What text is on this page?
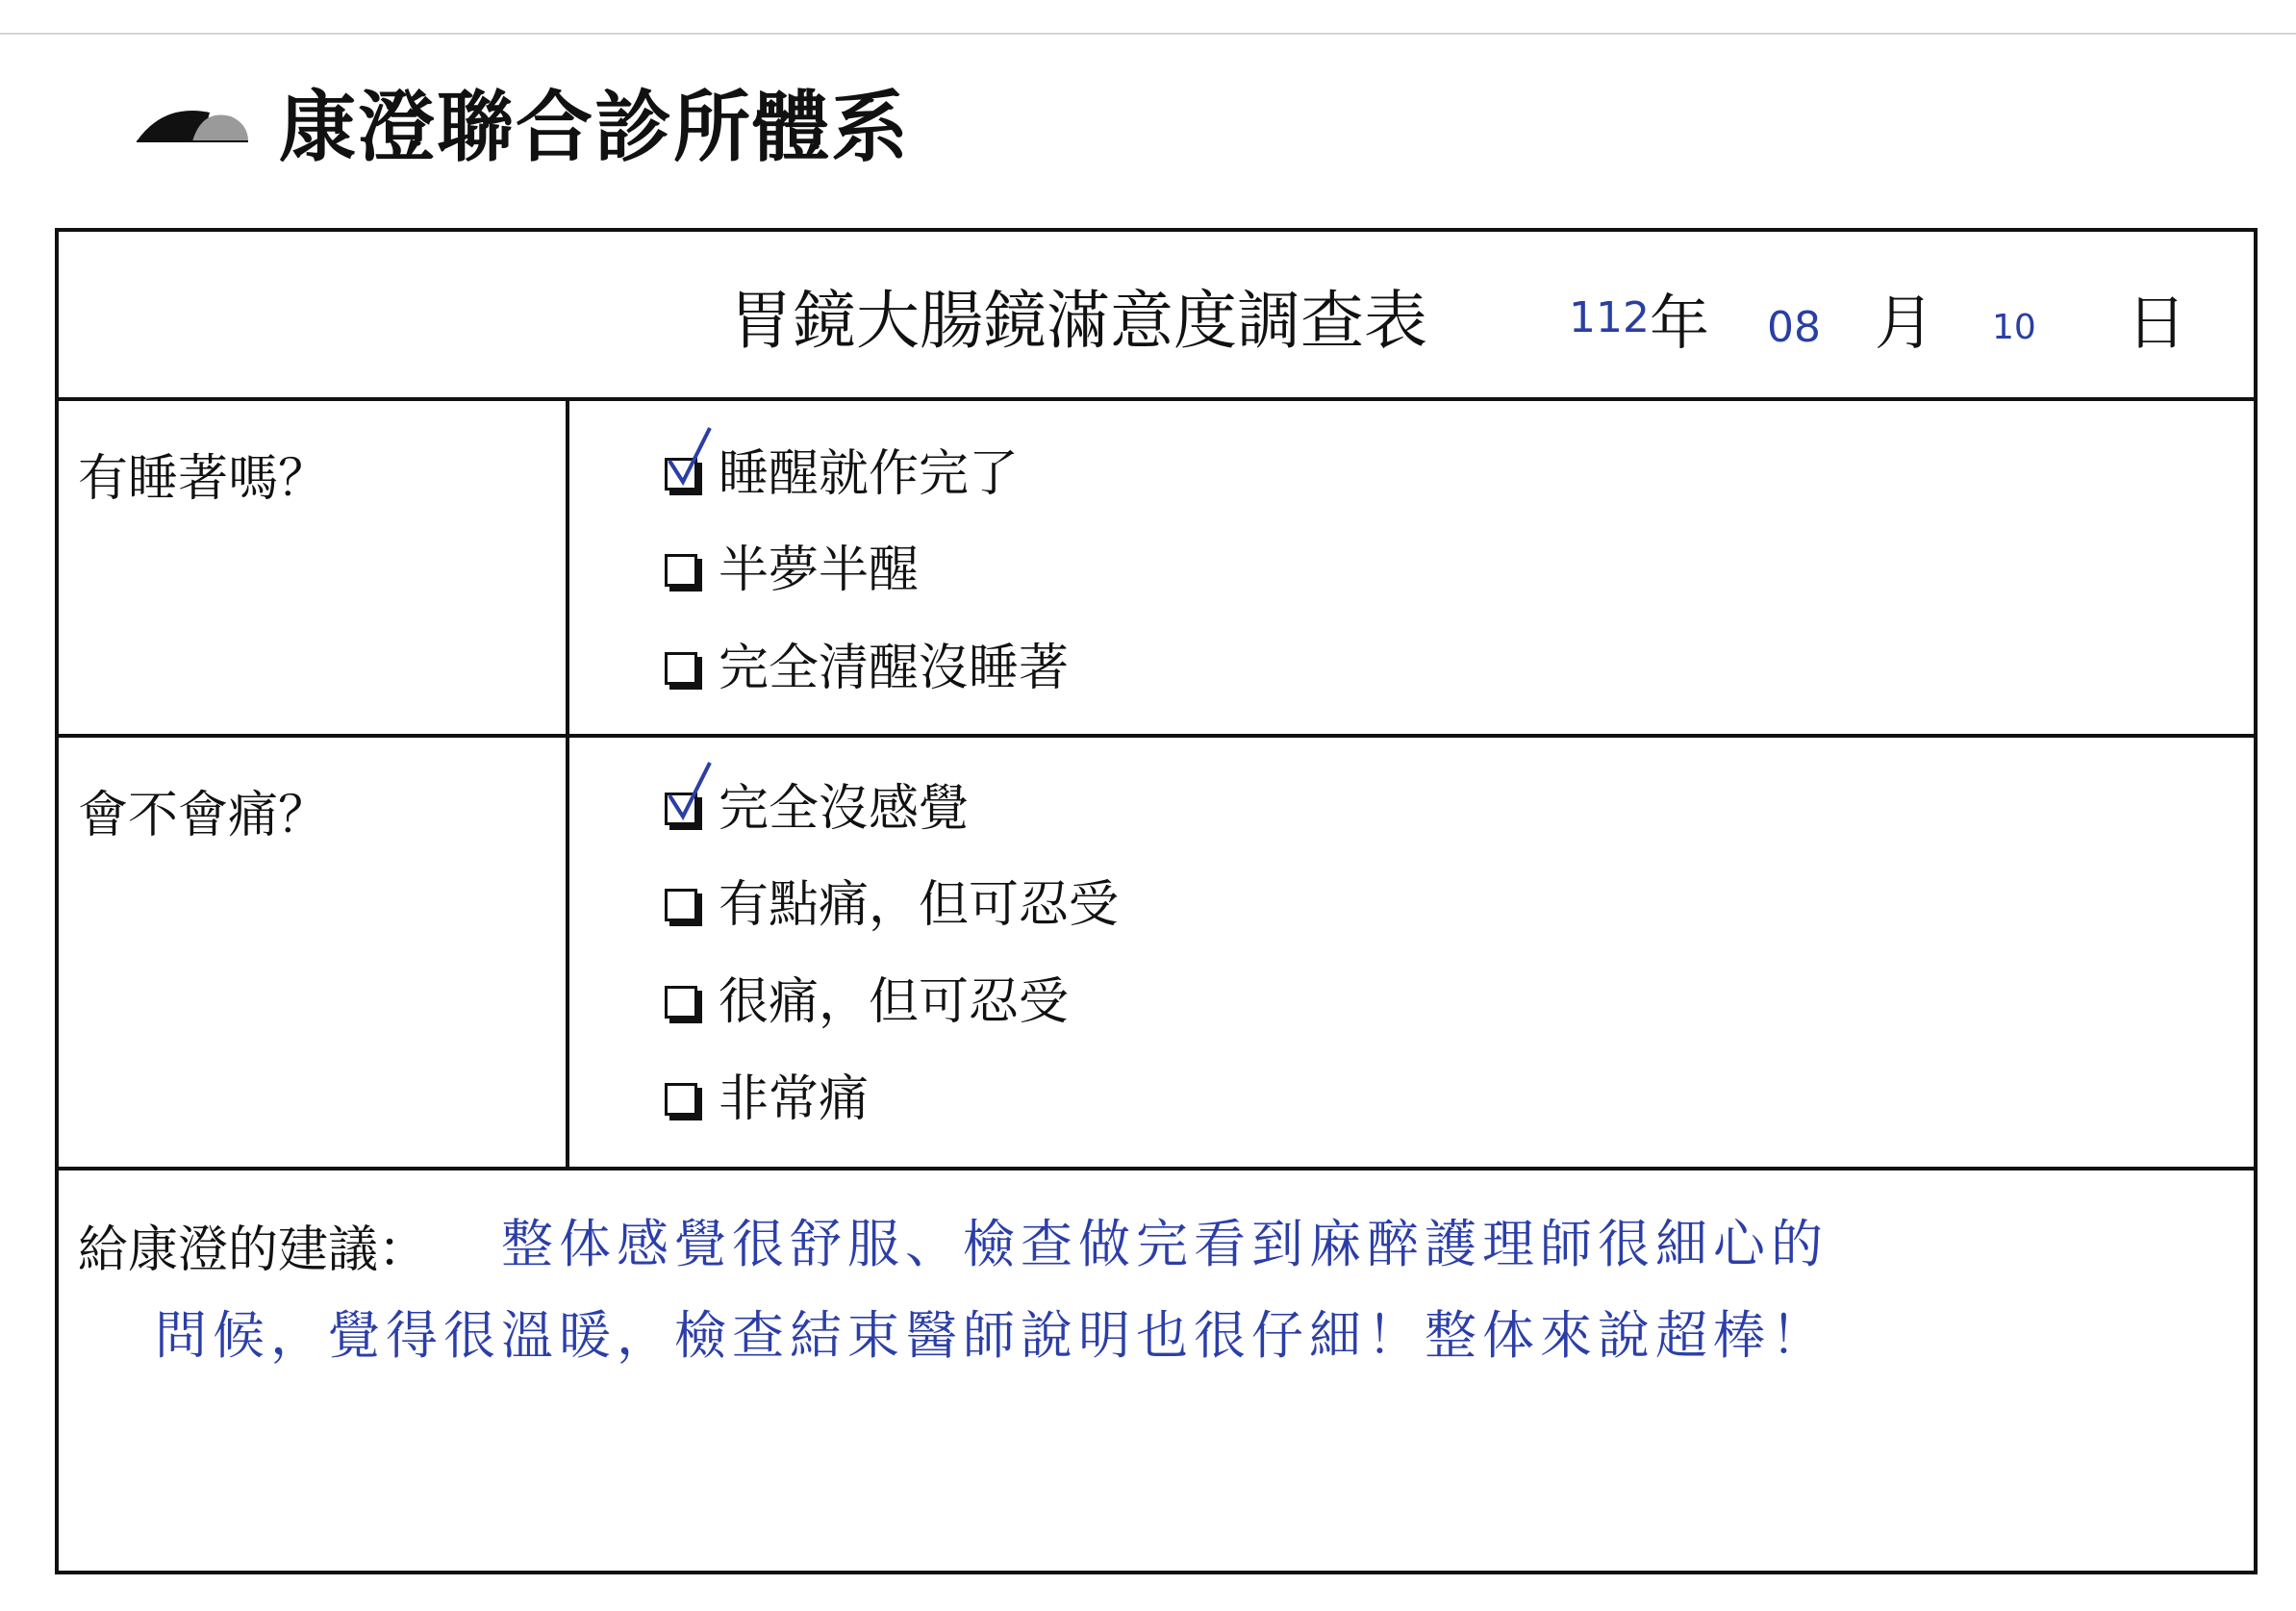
康澄聯合診所體系
胃鏡大腸鏡滿意度調查表	112 年 08 月 10 日
有睡著嗎？	睡醒就作完了
半夢半醒
完全清醒沒睡著
會不會痛？	完全沒感覺
有點痛，但可忍受
很痛，但可忍受
非常痛
給康澄的建議： 整体感覺很舒服、檢查做完看到麻醉護理師很細心的
問候，覺得很溫暖，檢查結束醫師說明也很仔細！整体來說超棒！
